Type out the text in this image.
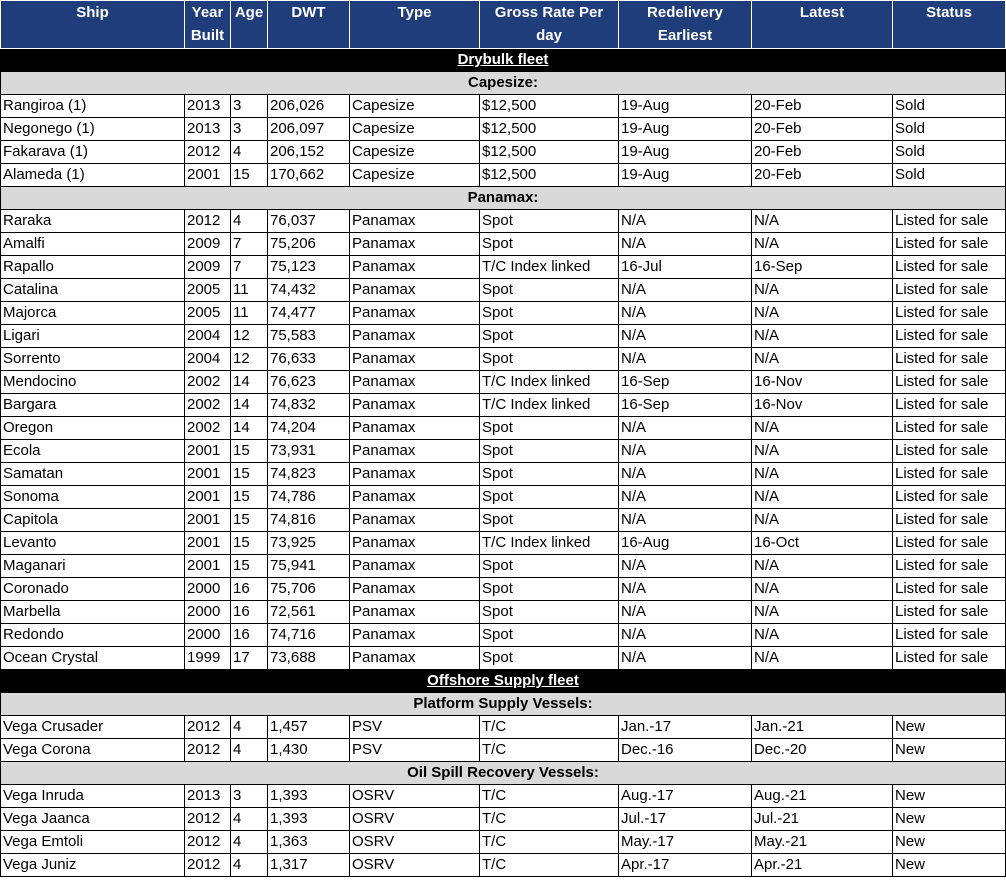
Ship	Year Built	Age	DWT	Type	Gross Rate Per day	Redelivery Earliest	Latest	Status
Drybulk fleet								
Capesize:								
Rangiroa (1)	2013	3	206,026	Capesize	$12,500	19-Aug	20-Feb	Sold
Negonego (1)	2013	3	206,097	Capesize	$12,500	19-Aug	20-Feb	Sold
Fakarava (1)	2012	4	206,152	Capesize	$12,500	19-Aug	20-Feb	Sold
Alameda (1)	2001	15	170,662	Capesize	$12,500	19-Aug	20-Feb	Sold
Panamax:								
Raraka	2012	4	76,037	Panamax	Spot	N/A	N/A	Listed for sale
Amalfi	2009	7	75,206	Panamax	Spot	N/A	N/A	Listed for sale
Rapallo	2009	7	75,123	Panamax	T/C Index linked	16-Jul	16-Sep	Listed for sale
Catalina	2005	11	74,432	Panamax	Spot	N/A	N/A	Listed for sale
Majorca	2005	11	74,477	Panamax	Spot	N/A	N/A	Listed for sale
Ligari	2004	12	75,583	Panamax	Spot	N/A	N/A	Listed for sale
Sorrento	2004	12	76,633	Panamax	Spot	N/A	N/A	Listed for sale
Mendocino	2002	14	76,623	Panamax	T/C Index linked	16-Sep	16-Nov	Listed for sale
Bargara	2002	14	74,832	Panamax	T/C Index linked	16-Sep	16-Nov	Listed for sale
Oregon	2002	14	74,204	Panamax	Spot	N/A	N/A	Listed for sale
Ecola	2001	15	73,931	Panamax	Spot	N/A	N/A	Listed for sale
Samatan	2001	15	74,823	Panamax	Spot	N/A	N/A	Listed for sale
Sonoma	2001	15	74,786	Panamax	Spot	N/A	N/A	Listed for sale
Capitola	2001	15	74,816	Panamax	Spot	N/A	N/A	Listed for sale
Levanto	2001	15	73,925	Panamax	T/C Index linked	16-Aug	16-Oct	Listed for sale
Maganari	2001	15	75,941	Panamax	Spot	N/A	N/A	Listed for sale
Coronado	2000	16	75,706	Panamax	Spot	N/A	N/A	Listed for sale
Marbella	2000	16	72,561	Panamax	Spot	N/A	N/A	Listed for sale
Redondo	2000	16	74,716	Panamax	Spot	N/A	N/A	Listed for sale
Ocean Crystal	1999	17	73,688	Panamax	Spot	N/A	N/A	Listed for sale
Offshore Supply fleet								
Platform Supply Vessels:								
Vega Crusader	2012	4	1,457	PSV	T/C	Jan.-17	Jan.-21	New
Vega Corona	2012	4	1,430	PSV	T/C	Dec.-16	Dec.-20	New
Oil Spill Recovery Vessels:								
Vega Inruda	2013	3	1,393	OSRV	T/C	Aug.-17	Aug.-21	New
Vega Jaanca	2012	4	1,393	OSRV	T/C	Jul.-17	Jul.-21	New
Vega Emtoli	2012	4	1,363	OSRV	T/C	May.-17	May.-21	New
Vega Juniz	2012	4	1,317	OSRV	T/C	Apr.-17	Apr.-21	New
